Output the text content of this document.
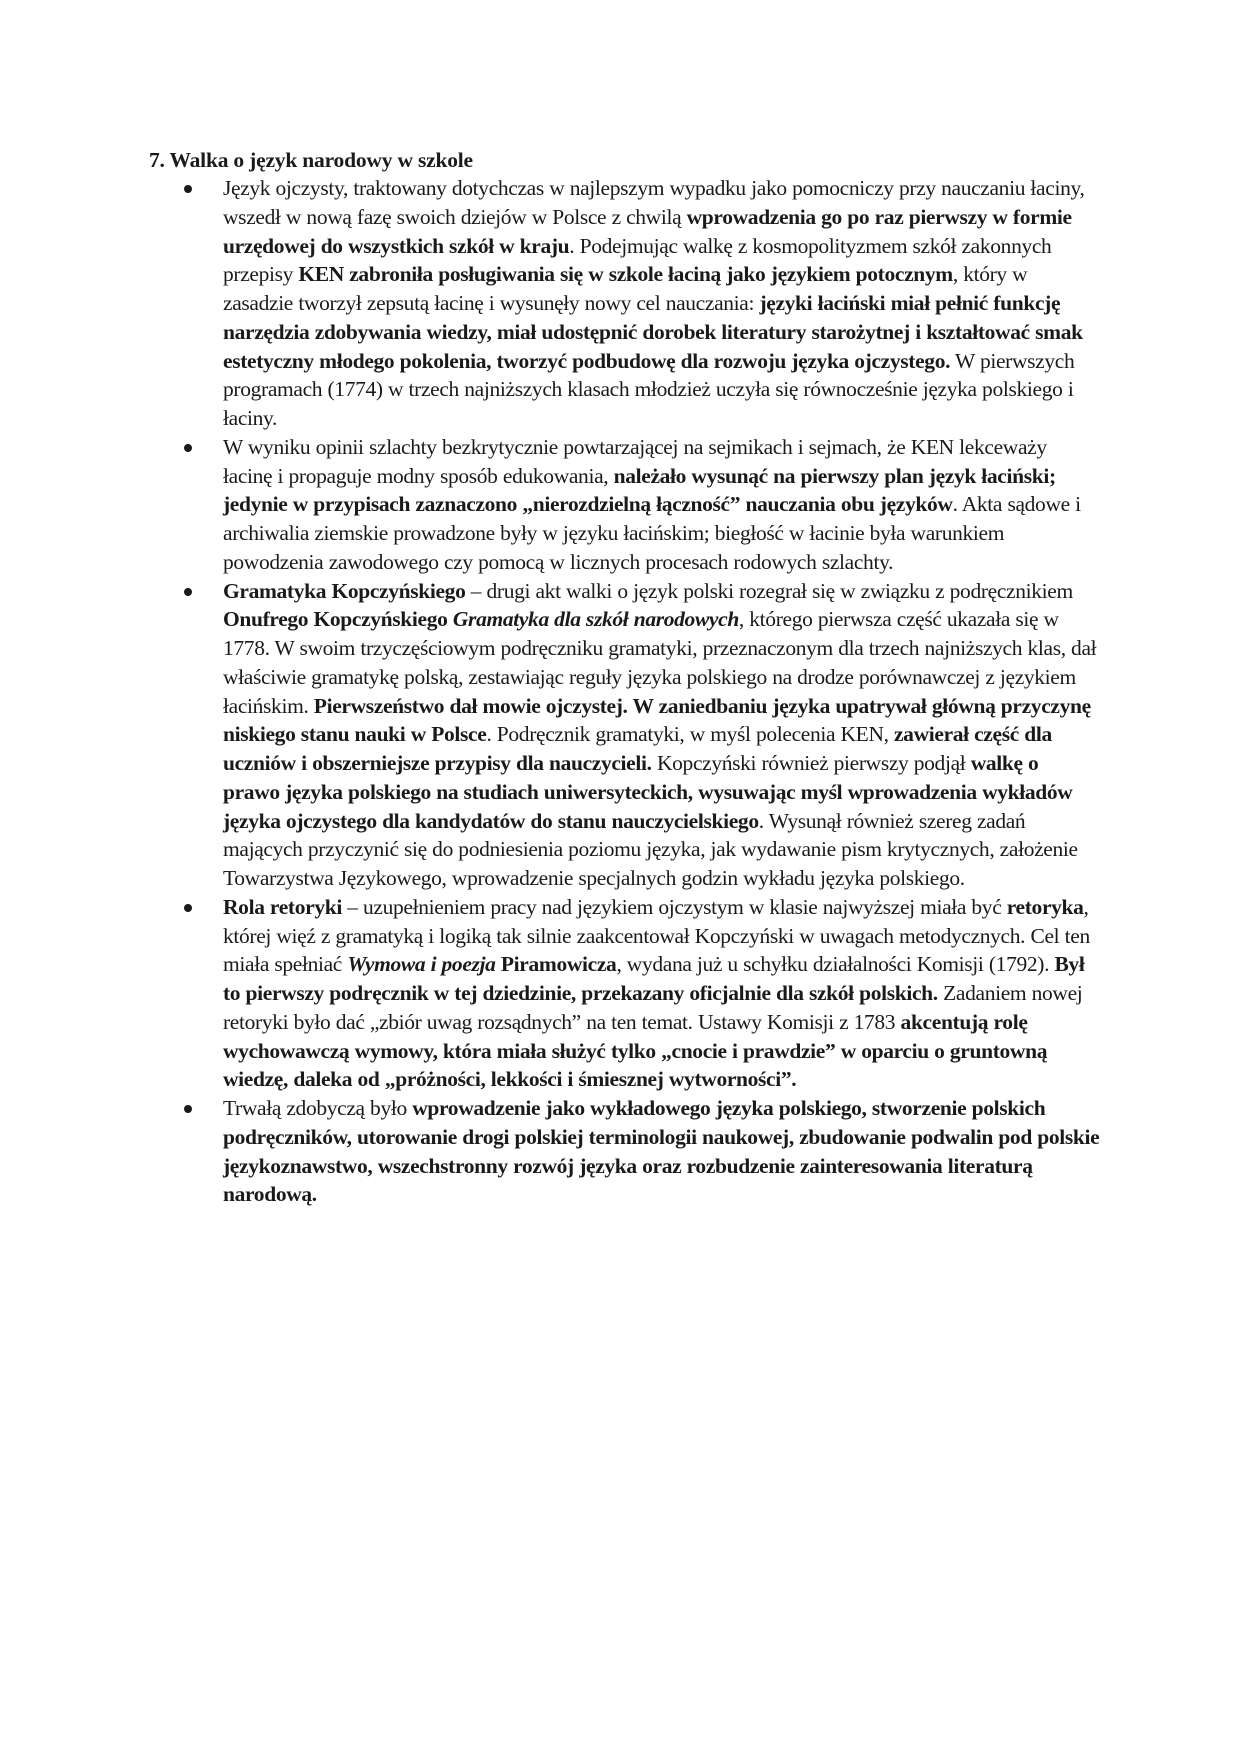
7. Walka o język narodowy w szkole
Język ojczysty, traktowany dotychczas w najlepszym wypadku jako pomocniczy przy nauczaniu łaciny, wszedł w nową fazę swoich dziejów w Polsce z chwilą wprowadzenia go po raz pierwszy w formie urzędowej do wszystkich szkół w kraju. Podejmując walkę z kosmopolityzmem szkół zakonnych przepisy KEN zabroniła posługiwania się w szkole łaciną jako językiem potocznym, który w zasadzie tworzył zepsutą łacinę i wysunęły nowy cel nauczania: języki łaciński miał pełnić funkcję narzędzia zdobywania wiedzy, miał udostępnić dorobek literatury starożytnej i kształtować smak estetyczny młodego pokolenia, tworzyć podbudowę dla rozwoju języka ojczystego. W pierwszych programach (1774) w trzech najniższych klasach młodzież uczyła się równocześnie języka polskiego i łaciny.
W wyniku opinii szlachty bezkrytycznie powtarzającej na sejmikach i sejmach, że KEN lekceważy łacinę i propaguje modny sposób edukowania, należało wysunąć na pierwszy plan język łaciński; jedynie w przypisach zaznaczono „nierozdzielną łączność” nauczania obu języków. Akta sądowe i archiwalia ziemskie prowadzone były w języku łacińskim; biegłość w łacinie była warunkiem powodzenia zawodowego czy pomocą w licznych procesach rodowych szlachty.
Gramatyka Kopczyńskiego – drugi akt walki o język polski rozegrał się w związku z podręcznikiem Onufrego Kopczyńskiego Gramatyka dla szkół narodowych, którego pierwsza część ukazała się w 1778. W swoim trzyczęściowym podręczniku gramatyki, przeznaczonym dla trzech najniższych klas, dał właściwie gramatykę polską, zestawiając reguły języka polskiego na drodze porównawczej z językiem łacińskim. Pierwszeństwo dał mowie ojczystej. W zaniedbaniu języka upatrywał główną przyczynę niskiego stanu nauki w Polsce. Podręcznik gramatyki, w myśl polecenia KEN, zawierał część dla uczniów i obszerniejsze przypisy dla nauczycieli. Kopczyński również pierwszy podjął walkę o prawo języka polskiego na studiach uniwersyteckich, wysuwając myśl wprowadzenia wykładów języka ojczystego dla kandydatów do stanu nauczycielskiego. Wysunął również szereg zadań mających przyczynić się do podniesienia poziomu języka, jak wydawanie pism krytycznych, założenie Towarzystwa Językowego, wprowadzenie specjalnych godzin wykładu języka polskiego.
Rola retoryki – uzupełnieniem pracy nad językiem ojczystym w klasie najwyższej miała być retoryka, której więź z gramatyką i logiką tak silnie zaakcentował Kopczyński w uwagach metodycznych. Cel ten miała spełniać Wymowa i poezja Piramowicza, wydana już u schyłku działalności Komisji (1792). Był to pierwszy podręcznik w tej dziedzinie, przekazany oficjalnie dla szkół polskich. Zadaniem nowej retoryki było dać „zbiór uwag rozsądnych” na ten temat. Ustawy Komisji z 1783 akcentują rolę wychowawczą wymowy, która miała służyć tylko „cnocie i prawdzie” w oparciu o gruntowną wiedzę, daleka od „próżności, lekkości i śmiesznej wytworności”.
Trwałą zdobyczą było wprowadzenie jako wykładowego języka polskiego, stworzenie polskich podręczników, utorowanie drogi polskiej terminologii naukowej, zbudowanie podwalin pod polskie językoznawstwo, wszechstronny rozwój języka oraz rozbudzenie zainteresowania literaturą narodową.
